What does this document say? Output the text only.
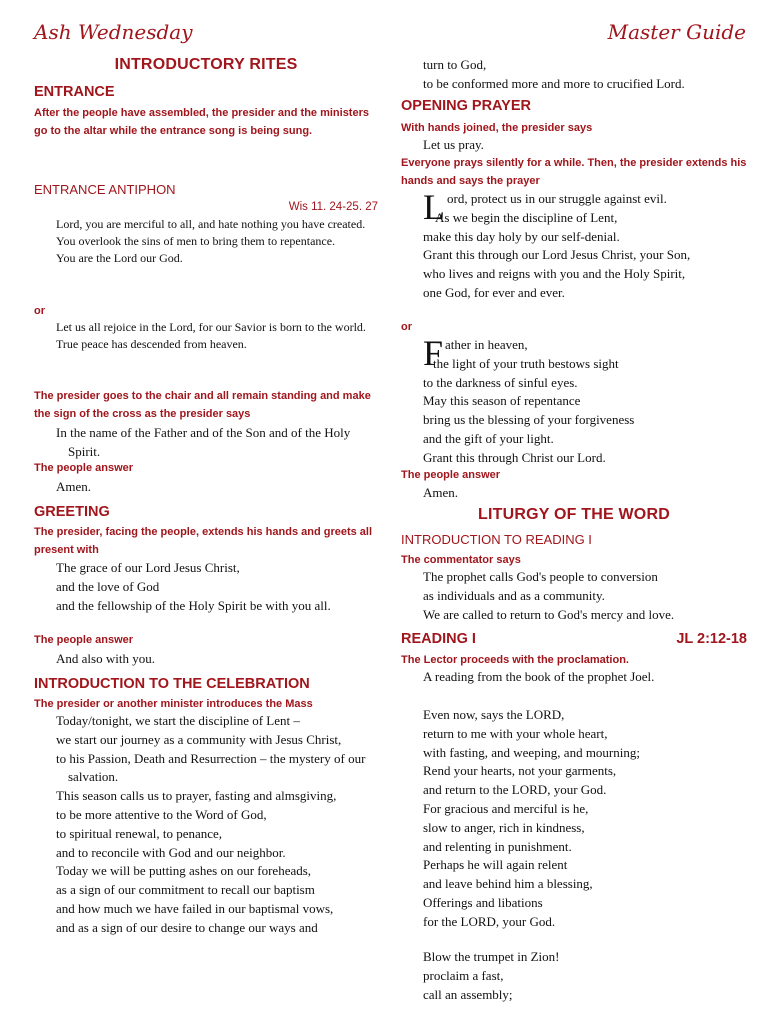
Ash Wednesday	Master Guide
INTRODUCTORY RITES
ENTRANCE
After the people have assembled, the presider and the ministers go to the altar while the entrance song is being sung.
ENTRANCE ANTIPHON
Wis 11. 24-25. 27
Lord, you are merciful to all, and hate nothing you have created.
You overlook the sins of men to bring them to repentance.
You are the Lord our God.
or
Let us all rejoice in the Lord, for our Savior is born to the world.
True peace has descended from heaven.
The presider goes to the chair and all remain standing and make the sign of the cross as the presider says
In the name of the Father and of the Son and of the Holy Spirit.
The people answer
Amen.
GREETING
The presider, facing the people, extends his hands and greets all present with
The grace of our Lord Jesus Christ,
and the love of God
and the fellowship of the Holy Spirit be with you all.
The people answer
And also with you.
INTRODUCTION TO THE CELEBRATION
The presider or another minister introduces the Mass
Today/tonight, we start the discipline of Lent –
we start our journey as a community with Jesus Christ,
to his Passion, Death and Resurrection – the mystery of our salvation.
This season calls us to prayer, fasting and almsgiving,
to be more attentive to the Word of God,
to spiritual renewal, to penance,
and to reconcile with God and our neighbor.
Today we will be putting ashes on our foreheads,
as a sign of our commitment to recall our baptism
and how much we have failed in our baptismal vows,
and as a sign of our desire to change our ways and
turn to God,
to be conformed more and more to crucified Lord.
OPENING PRAYER
With hands joined, the presider says
Let us pray.
Everyone prays silently for a while. Then, the presider extends his hands and says the prayer
L ord, protect us in our struggle against evil.
As we begin the discipline of Lent,
make this day holy by our self-denial.
Grant this through our Lord Jesus Christ, your Son,
who lives and reigns with you and the Holy Spirit,
one God, for ever and ever.
or
F ather in heaven,
the light of your truth bestows sight
to the darkness of sinful eyes.
May this season of repentance
bring us the blessing of your forgiveness
and the gift of your light.
Grant this through Christ our Lord.
The people answer
Amen.
LITURGY OF THE WORD
INTRODUCTION TO READING I
The commentator says
The prophet calls God's people to conversion
as individuals and as a community.
We are called to return to God's mercy and love.
READING I	JL 2:12-18
The Lector proceeds with the proclamation.
A reading from the book of the prophet Joel.
Even now, says the LORD,
return to me with your whole heart,
with fasting, and weeping, and mourning;
Rend your hearts, not your garments,
and return to the LORD, your God.
For gracious and merciful is he,
slow to anger, rich in kindness,
and relenting in punishment.
Perhaps he will again relent
and leave behind him a blessing,
Offerings and libations
for the LORD, your God.
Blow the trumpet in Zion!
proclaim a fast,
call an assembly;
